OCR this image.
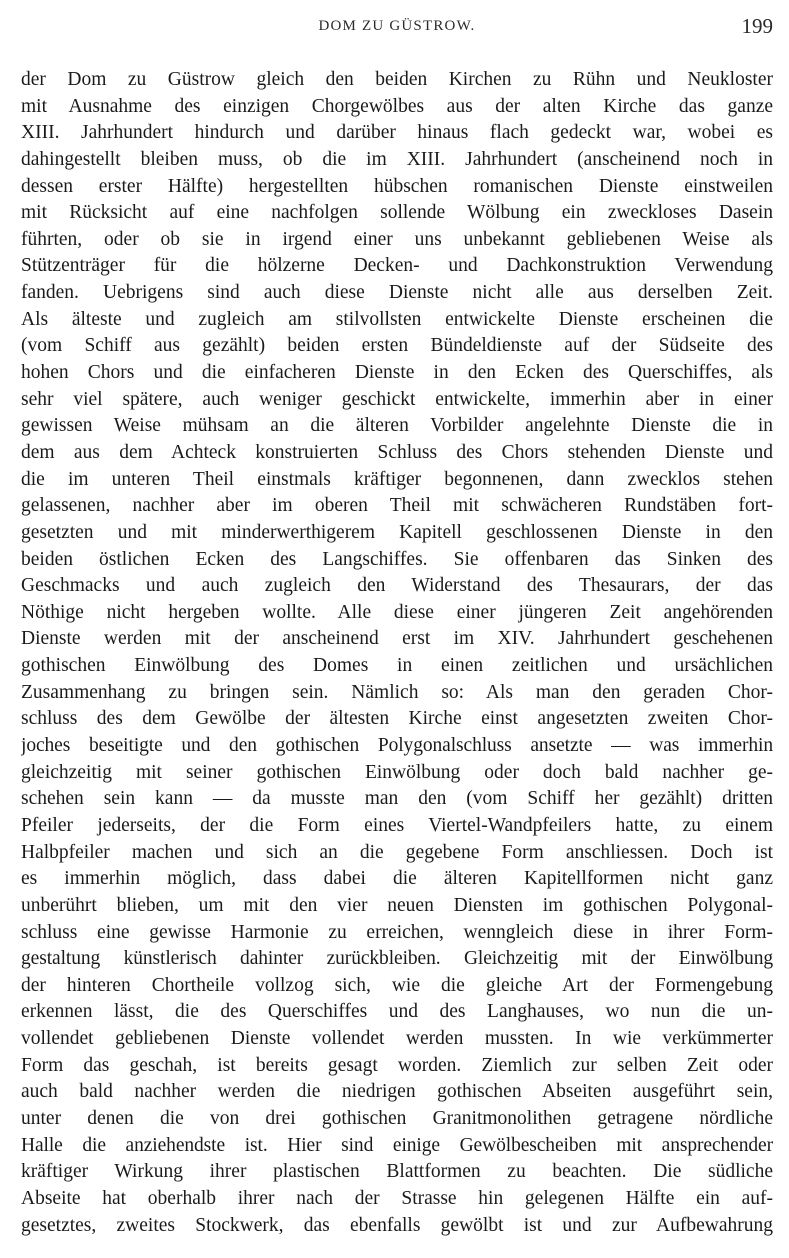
DOM ZU GÜSTROW.	199
der Dom zu Güstrow gleich den beiden Kirchen zu Rühn und Neukloster
mit Ausnahme des einzigen Chorgewölbes aus der alten Kirche das ganze
XIII. Jahrhundert hindurch und darüber hinaus flach gedeckt war, wobei es
dahingestellt bleiben muss, ob die im XIII. Jahrhundert (anscheinend noch in
dessen erster Hälfte) hergestellten hübschen romanischen Dienste einstweilen
mit Rücksicht auf eine nachfolgen sollende Wölbung ein zweckloses Dasein
führten, oder ob sie in irgend einer uns unbekannt gebliebenen Weise als
Stützenträger für die hölzerne Decken- und Dachkonstruktion Verwendung
fanden. Uebrigens sind auch diese Dienste nicht alle aus derselben Zeit.
Als älteste und zugleich am stilvollsten entwickelte Dienste erscheinen die
(vom Schiff aus gezählt) beiden ersten Bündeldienste auf der Südseite des
hohen Chors und die einfacheren Dienste in den Ecken des Querschiffes, als
sehr viel spätere, auch weniger geschickt entwickelte, immerhin aber in einer
gewissen Weise mühsam an die älteren Vorbilder angelehnte Dienste die in
dem aus dem Achteck konstruierten Schluss des Chors stehenden Dienste und
die im unteren Theil einstmals kräftiger begonnenen, dann zwecklos stehen
gelassenen, nachher aber im oberen Theil mit schwächeren Rundstäben fort-
gesetzten und mit minderwerthigerem Kapitell geschlossenen Dienste in den
beiden östlichen Ecken des Langschiffes. Sie offenbaren das Sinken des
Geschmacks und auch zugleich den Widerstand des Thesaurars, der das
Nöthige nicht hergeben wollte. Alle diese einer jüngeren Zeit angehörenden
Dienste werden mit der anscheinend erst im XIV. Jahrhundert geschehenen
gothischen Einwölbung des Domes in einen zeitlichen und ursächlichen
Zusammenhang zu bringen sein. Nämlich so: Als man den geraden Chor-
schluss des dem Gewölbe der ältesten Kirche einst angesetzten zweiten Chor-
joches beseitigte und den gothischen Polygonalschluss ansetzte — was immerhin
gleichzeitig mit seiner gothischen Einwölbung oder doch bald nachher ge-
schehen sein kann — da musste man den (vom Schiff her gezählt) dritten
Pfeiler jederseits, der die Form eines Viertel-Wandpfeilers hatte, zu einem
Halbpfeiler machen und sich an die gegebene Form anschliessen. Doch ist
es immerhin möglich, dass dabei die älteren Kapitellformen nicht ganz
unberührt blieben, um mit den vier neuen Diensten im gothischen Polygonal-
schluss eine gewisse Harmonie zu erreichen, wenngleich diese in ihrer Form-
gestaltung künstlerisch dahinter zurückbleiben. Gleichzeitig mit der Einwölbung
der hinteren Chortheile vollzog sich, wie die gleiche Art der Formengebung
erkennen lässt, die des Querschiffes und des Langhauses, wo nun die un-
vollendet gebliebenen Dienste vollendet werden mussten. In wie verkümmerter
Form das geschah, ist bereits gesagt worden. Ziemlich zur selben Zeit oder
auch bald nachher werden die niedrigen gothischen Abseiten ausgeführt sein,
unter denen die von drei gothischen Granitmonolithen getragene nördliche
Halle die anziehendste ist. Hier sind einige Gewölbescheiben mit ansprechender
kräftiger Wirkung ihrer plastischen Blattformen zu beachten. Die südliche
Abseite hat oberhalb ihrer nach der Strasse hin gelegenen Hälfte ein auf-
gesetztes, zweites Stockwerk, das ebenfalls gewölbt ist und zur Aufbewahrung
